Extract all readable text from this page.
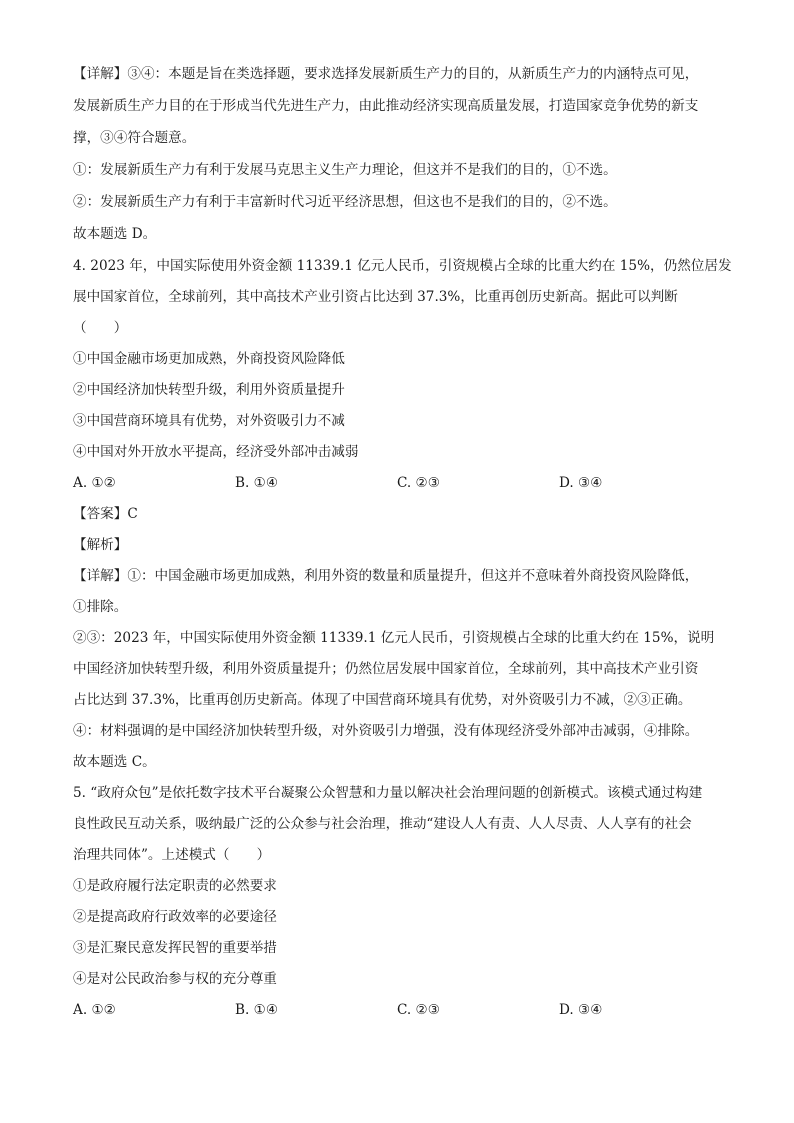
【详解】③④：本题是旨在类选择题，要求选择发展新质生产力的目的，从新质生产力的内涵特点可见，
发展新质生产力目的在于形成当代先进生产力，由此推动经济实现高质量发展，打造国家竞争优势的新支
撑，③④符合题意。
①：发展新质生产力有利于发展马克思主义生产力理论，但这并不是我们的目的，①不选。
②：发展新质生产力有利于丰富新时代习近平经济思想，但这也不是我们的目的，②不选。
故本题选 D。
4. 2023 年，中国实际使用外资金额 11339.1 亿元人民币，引资规模占全球的比重大约在 15%，仍然位居发
展中国家首位，全球前列，其中高技术产业引资占比达到 37.3%，比重再创历史新高。据此可以判断
（　　）
①中国金融市场更加成熟，外商投资风险降低
②中国经济加快转型升级，利用外资质量提升
③中国营商环境具有优势，对外资吸引力不减
④中国对外开放水平提高，经济受外部冲击减弱
A. ①②	B. ①④	C. ②③	D. ③④
【答案】C
【解析】
【详解】①：中国金融市场更加成熟，利用外资的数量和质量提升，但这并不意味着外商投资风险降低，
①排除。
②③：2023 年，中国实际使用外资金额 11339.1 亿元人民币，引资规模占全球的比重大约在 15%，说明
中国经济加快转型升级，利用外资质量提升；仍然位居发展中国家首位，全球前列，其中高技术产业引资
占比达到 37.3%，比重再创历史新高。体现了中国营商环境具有优势，对外资吸引力不减，②③正确。
④：材料强调的是中国经济加快转型升级，对外资吸引力增强，没有体现经济受外部冲击减弱，④排除。
故本题选 C。
5. “政府众包”是依托数字技术平台凝聚公众智慧和力量以解决社会治理问题的创新模式。该模式通过构建
良性政民互动关系，吸纳最广泛的公众参与社会治理，推动“建设人人有责、人人尽责、人人享有的社会
治理共同体”。上述模式（　　）
①是政府履行法定职责的必然要求
②是提高政府行政效率的必要途径
③是汇聚民意发挥民智的重要举措
④是对公民政治参与权的充分尊重
A. ①②	B. ①④	C. ②③	D. ③④
